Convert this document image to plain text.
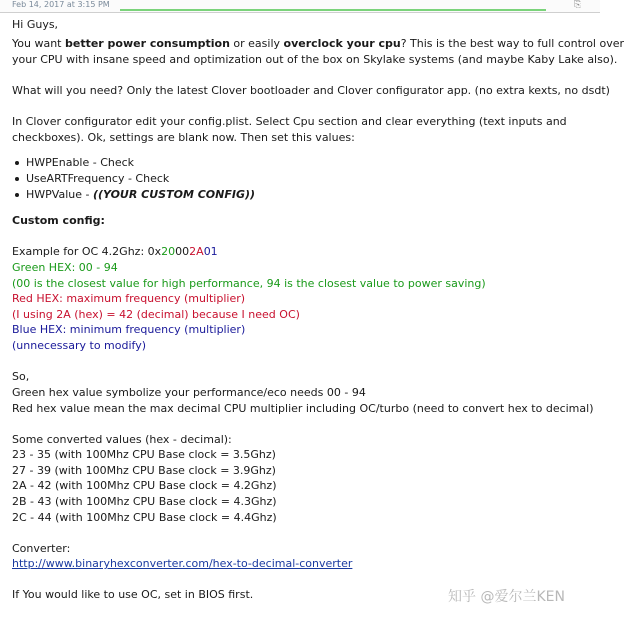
Feb 14, 2017 at 3:15 PM	⎘
Hi Guys,
You want better power consumption or easily overclock your cpu? This is the best way to full control over
your CPU with insane speed and optimization out of the box on Skylake systems (and maybe Kaby Lake also).
What will you need? Only the latest Clover bootloader and Clover configurator app. (no extra kexts, no dsdt)
In Clover configurator edit your config.plist. Select Cpu section and clear everything (text inputs and
checkboxes). Ok, settings are blank now. Then set this values:
HWPEnable - Check
UseARTFrequency - Check
HWPValue - ((YOUR CUSTOM CONFIG))
Custom config:
Example for OC 4.2Ghz: 0x20002A01
Green HEX: 00 - 94
(00 is the closest value for high performance, 94 is the closest value to power saving)
Red HEX: maximum frequency (multiplier)
(I using 2A (hex) = 42 (decimal) because I need OC)
Blue HEX: minimum frequency (multiplier)
(unnecessary to modify)
So,
Green hex value symbolize your performance/eco needs 00 - 94
Red hex value mean the max decimal CPU multiplier including OC/turbo (need to convert hex to decimal)
Some converted values (hex - decimal):
23 - 35 (with 100Mhz CPU Base clock = 3.5Ghz)
27 - 39 (with 100Mhz CPU Base clock = 3.9Ghz)
2A - 42 (with 100Mhz CPU Base clock = 4.2Ghz)
2B - 43 (with 100Mhz CPU Base clock = 4.3Ghz)
2C - 44 (with 100Mhz CPU Base clock = 4.4Ghz)
Converter:
http://www.binaryhexconverter.com/hex-to-decimal-converter
If You would like to use OC, set in BIOS first.	知乎 @爱尔兰KEN
